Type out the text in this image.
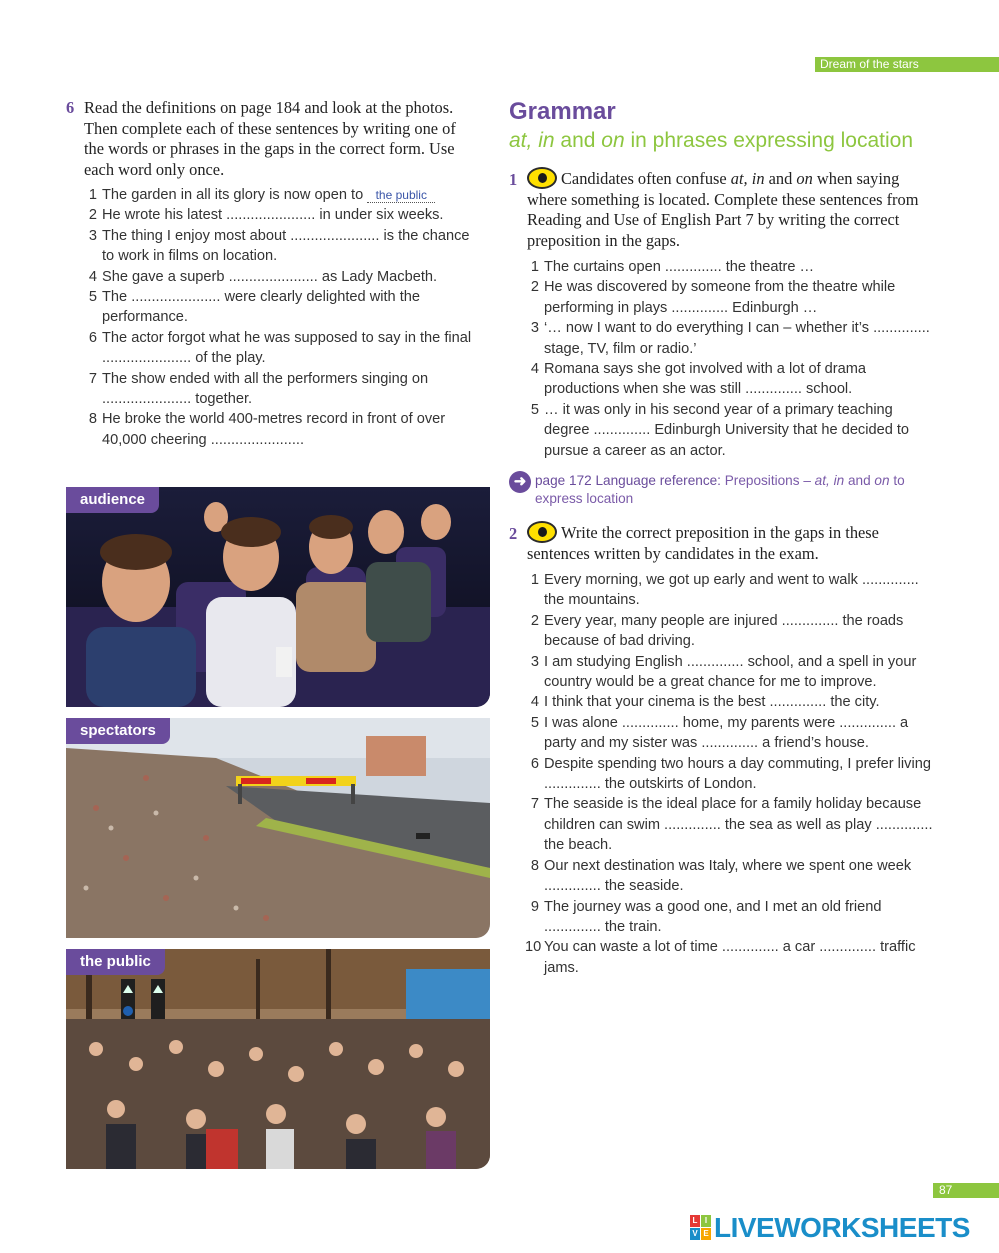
Dream of the stars
6 Read the definitions on page 184 and look at the photos. Then complete each of these sentences by writing one of the words or phrases in the gaps in the correct form. Use each word only once.
1 The garden in all its glory is now open to the public
2 He wrote his latest ...................... in under six weeks.
3 The thing I enjoy most about ...................... is the chance to work in films on location.
4 She gave a superb ...................... as Lady Macbeth.
5 The ...................... were clearly delighted with the performance.
6 The actor forgot what he was supposed to say in the final ...................... of the play.
7 The show ended with all the performers singing on ...................... together.
8 He broke the world 400-metres record in front of over 40,000 cheering .......................
audience
spectators
the public
Grammar
at, in and on in phrases expressing location
1	Candidates often confuse at, in and on when saying where something is located. Complete these sentences from Reading and Use of English Part 7 by writing the correct preposition in the gaps.
1 The curtains open .............. the theatre …
2 He was discovered by someone from the theatre while performing in plays .............. Edinburgh …
3 ‘… now I want to do everything I can – whether it’s .............. stage, TV, film or radio.’
4 Romana says she got involved with a lot of drama productions when she was still .............. school.
5 … it was only in his second year of a primary teaching degree .............. Edinburgh University that he decided to pursue a career as an actor.
➜ page 172 Language reference: Prepositions – at, in and on to express location
2	Write the correct preposition in the gaps in these sentences written by candidates in the exam.
1 Every morning, we got up early and went to walk .............. the mountains.
2 Every year, many people are injured .............. the roads because of bad driving.
3 I am studying English .............. school, and a spell in your country would be a great chance for me to improve.
4 I think that your cinema is the best .............. the city.
5 I was alone .............. home, my parents were .............. a party and my sister was .............. a friend’s house.
6 Despite spending two hours a day commuting, I prefer living .............. the outskirts of London.
7 The seaside is the ideal place for a family holiday because children can swim .............. the sea as well as play .............. the beach.
8 Our next destination was Italy, where we spent one week .............. the seaside.
9 The journey was a good one, and I met an old friend .............. the train.
10 You can waste a lot of time .............. a car .............. traffic jams.
87
L I
V E LIVEWORKSHEETS
